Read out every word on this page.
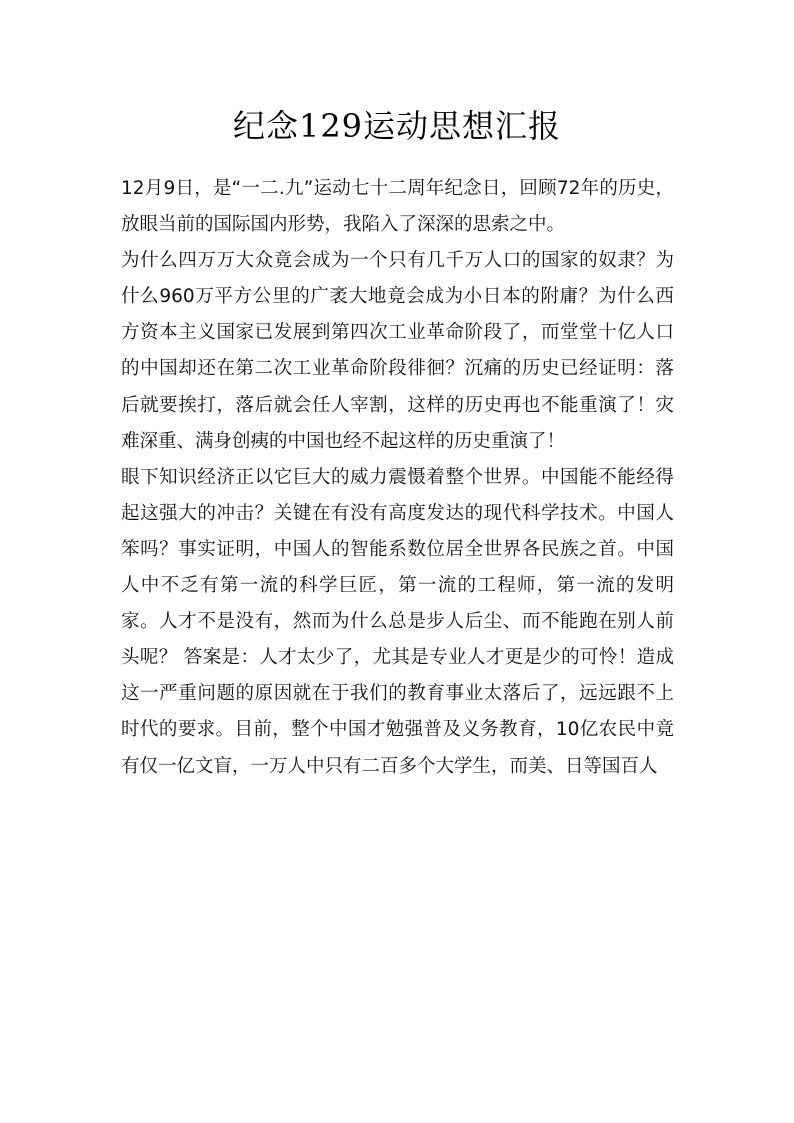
纪念129运动思想汇报

12月9日，是“一二.九”运动七十二周年纪念日，回顾72年的历史，放眼当前的国际国内形势，我陷入了深深的思索之中。

为什么四万万大众竟会成为一个只有几千万人口的国家的奴隶？为什么960万平方公里的广袤大地竟会成为小日本的附庸？为什么西方资本主义国家已发展到第四次工业革命阶段了，而堂堂十亿人口的中国却还在第二次工业革命阶段徘徊？沉痛的历史已经证明：落后就要挨打，落后就会任人宰割，这样的历史再也不能重演了！灾难深重、满身创痍的中国也经不起这样的历史重演了！

眼下知识经济正以它巨大的威力震慑着整个世界。中国能不能经得起这强大的冲击？关键在有没有高度发达的现代科学技术。中国人笨吗？事实证明，中国人的智能系数位居全世界各民族之首。中国人中不乏有第一流的科学巨匠，第一流的工程师，第一流的发明家。人才不是没有，然而为什么总是步人后尘、而不能跑在别人前头呢？ 答案是：人才太少了，尤其是专业人才更是少的可怜！造成这一严重问题的原因就在于我们的教育事业太落后了，远远跟不上时代的要求。目前，整个中国才勉强普及义务教育，10亿农民中竟有仅一亿文盲，一万人中只有二百多个大学生，而美、日等国百人
